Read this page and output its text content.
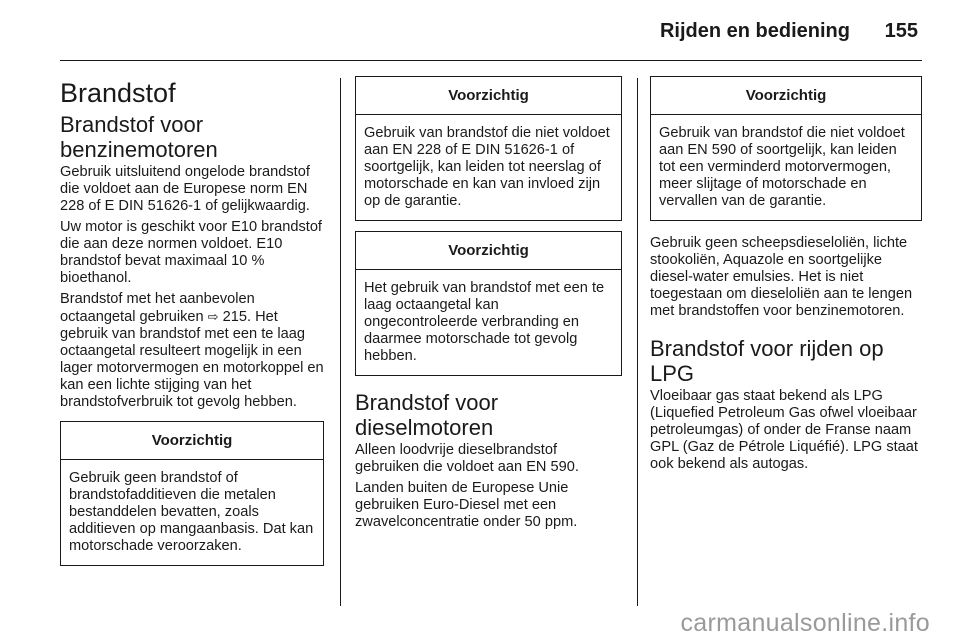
Rijden en bediening 155
Brandstof
Brandstof voor benzinemotoren

Gebruik uitsluitend ongelode brandstof die voldoet aan de Europese norm EN 228 of E DIN 51626-1 of gelijkwaardig.

Uw motor is geschikt voor E10 brandstof die aan deze normen voldoet. E10 brandstof bevat maximaal 10 % bioethanol.

Brandstof met het aanbevolen octaangetal gebruiken ⇨ 215. Het gebruik van brandstof met een te laag octaangetal resulteert mogelijk in een lager motorvermogen en motorkoppel en kan een lichte stijging van het brandstofverbruik tot gevolg hebben.

Voorzichtig
Gebruik geen brandstof of brandstofadditieven die metalen bestanddelen bevatten, zoals additieven op mangaanbasis. Dat kan motorschade veroorzaken.
Voorzichtig
Gebruik van brandstof die niet voldoet aan EN 228 of E DIN 51626-1 of soortgelijk, kan leiden tot neerslag of motorschade en kan van invloed zijn op de garantie.
Voorzichtig
Het gebruik van brandstof met een te laag octaangetal kan ongecontroleerde verbranding en daarmee motorschade tot gevolg hebben.
Brandstof voor dieselmotoren

Alleen loodvrije dieselbrandstof gebruiken die voldoet aan EN 590.

Landen buiten de Europese Unie gebruiken Euro-Diesel met een zwavelconcentratie onder 50 ppm.

Voorzichtig
Gebruik van brandstof die niet voldoet aan EN 590 of soortgelijk, kan leiden tot een verminderd motorvermogen, meer slijtage of motorschade en vervallen van de garantie.

Gebruik geen scheepsdieseloliën, lichte stookoliën, Aquazole en soortgelijke diesel-water emulsies. Het is niet toegestaan om dieseloliën aan te lengen met brandstoffen voor benzinemotoren.

Brandstof voor rijden op LPG

Vloeibaar gas staat bekend als LPG (Liquefied Petroleum Gas ofwel vloeibaar petroleumgas) of onder de Franse naam GPL (Gaz de Pétrole Liquéfié). LPG staat ook bekend als autogas.

carmanualsonline.info
